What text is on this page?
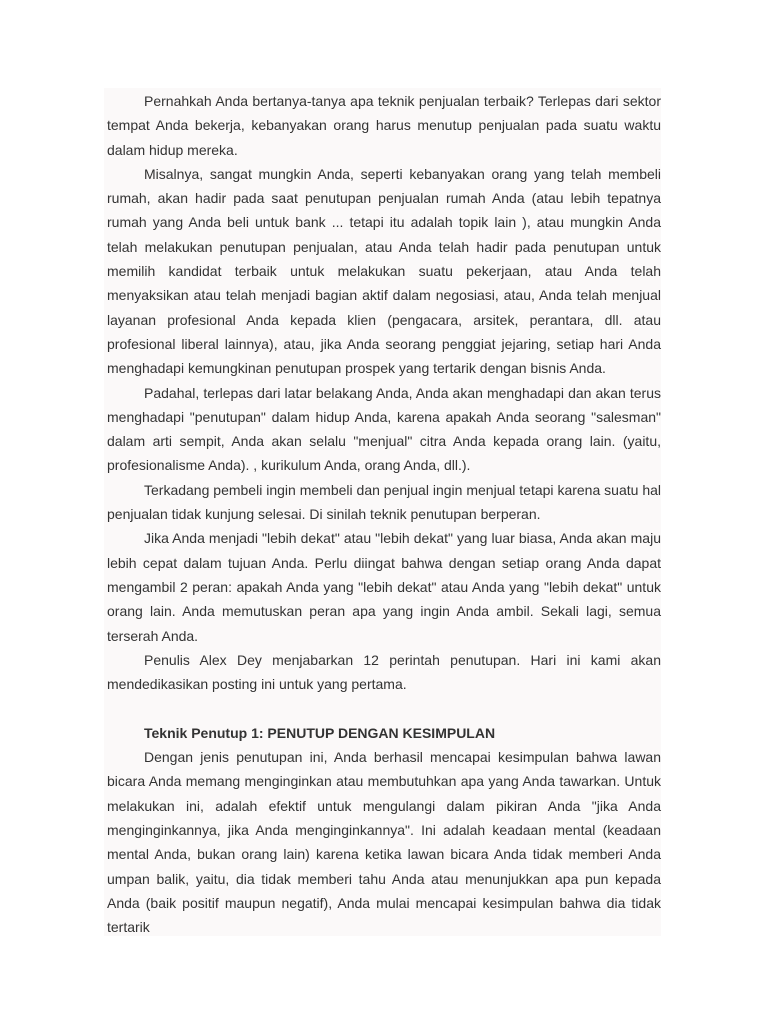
Pernahkah Anda bertanya-tanya apa teknik penjualan terbaik? Terlepas dari sektor tempat Anda bekerja, kebanyakan orang harus menutup penjualan pada suatu waktu dalam hidup mereka.

Misalnya, sangat mungkin Anda, seperti kebanyakan orang yang telah membeli rumah, akan hadir pada saat penutupan penjualan rumah Anda (atau lebih tepatnya rumah yang Anda beli untuk bank ... tetapi itu adalah topik lain ), atau mungkin Anda telah melakukan penutupan penjualan, atau Anda telah hadir pada penutupan untuk memilih kandidat terbaik untuk melakukan suatu pekerjaan, atau Anda telah menyaksikan atau telah menjadi bagian aktif dalam negosiasi, atau, Anda telah menjual layanan profesional Anda kepada klien (pengacara, arsitek, perantara, dll. atau profesional liberal lainnya), atau, jika Anda seorang penggiat jejaring, setiap hari Anda menghadapi kemungkinan penutupan prospek yang tertarik dengan bisnis Anda.

Padahal, terlepas dari latar belakang Anda, Anda akan menghadapi dan akan terus menghadapi "penutupan" dalam hidup Anda, karena apakah Anda seorang "salesman" dalam arti sempit, Anda akan selalu "menjual" citra Anda kepada orang lain. (yaitu, profesionalisme Anda). , kurikulum Anda, orang Anda, dll.).

Terkadang pembeli ingin membeli dan penjual ingin menjual tetapi karena suatu hal penjualan tidak kunjung selesai. Di sinilah teknik penutupan berperan.

Jika Anda menjadi "lebih dekat" atau "lebih dekat" yang luar biasa, Anda akan maju lebih cepat dalam tujuan Anda. Perlu diingat bahwa dengan setiap orang Anda dapat mengambil 2 peran: apakah Anda yang "lebih dekat" atau Anda yang "lebih dekat" untuk orang lain. Anda memutuskan peran apa yang ingin Anda ambil. Sekali lagi, semua terserah Anda.

Penulis Alex Dey menjabarkan 12 perintah penutupan. Hari ini kami akan mendedikasikan posting ini untuk yang pertama.

Teknik Penutup 1: PENUTUP DENGAN KESIMPULAN

Dengan jenis penutupan ini, Anda berhasil mencapai kesimpulan bahwa lawan bicara Anda memang menginginkan atau membutuhkan apa yang Anda tawarkan. Untuk melakukan ini, adalah efektif untuk mengulangi dalam pikiran Anda "jika Anda menginginkannya, jika Anda menginginkannya". Ini adalah keadaan mental (keadaan mental Anda, bukan orang lain) karena ketika lawan bicara Anda tidak memberi Anda umpan balik, yaitu, dia tidak memberi tahu Anda atau menunjukkan apa pun kepada Anda (baik positif maupun negatif), Anda mulai mencapai kesimpulan bahwa dia tidak tertarik
